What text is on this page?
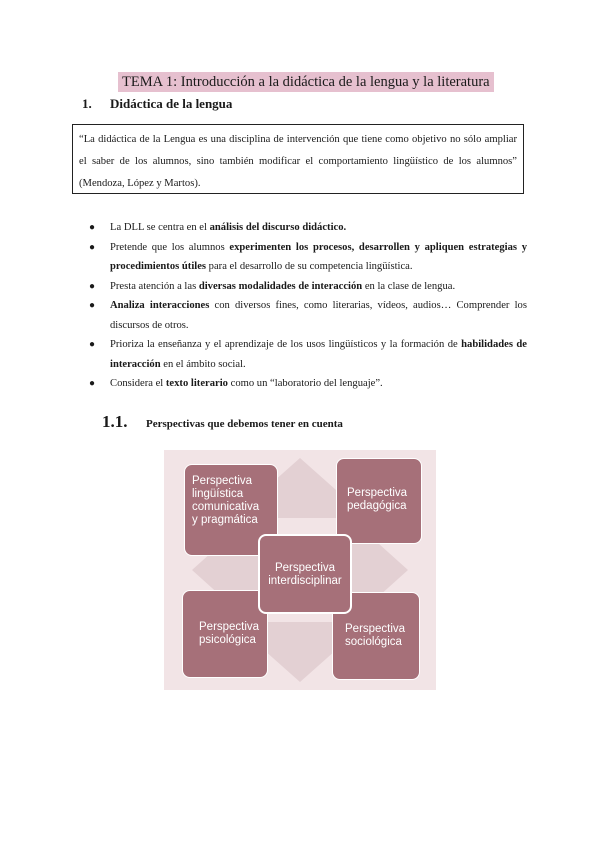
TEMA 1: Introducción a la didáctica de la lengua y la literatura
1. Didáctica de la lengua
“La didáctica de la Lengua es una disciplina de intervención que tiene como objetivo no sólo ampliar el saber de los alumnos, sino también modificar el comportamiento lingüístico de los alumnos” (Mendoza, López y Martos).
● La DLL se centra en el análisis del discurso didáctico.
● Pretende que los alumnos experimenten los procesos, desarrollen y apliquen estrategias y procedimientos útiles para el desarrollo de su competencia lingüística.
● Presta atención a las diversas modalidades de interacción en la clase de lengua.
● Analiza interacciones con diversos fines, como literarias, vídeos, audios… Comprender los discursos de otros.
● Prioriza la enseñanza y el aprendizaje de los usos lingüísticos y la formación de habilidades de interacción en el ámbito social.
● Considera el texto literario como un “laboratorio del lenguaje”.
1.1. Perspectivas que debemos tener en cuenta
Perspectiva
lingüística
comunicativa
y pragmática
Perspectiva
pedagógica
Perspectiva
psicológica
Perspectiva
sociológica
Perspectiva
interdisciplinar
